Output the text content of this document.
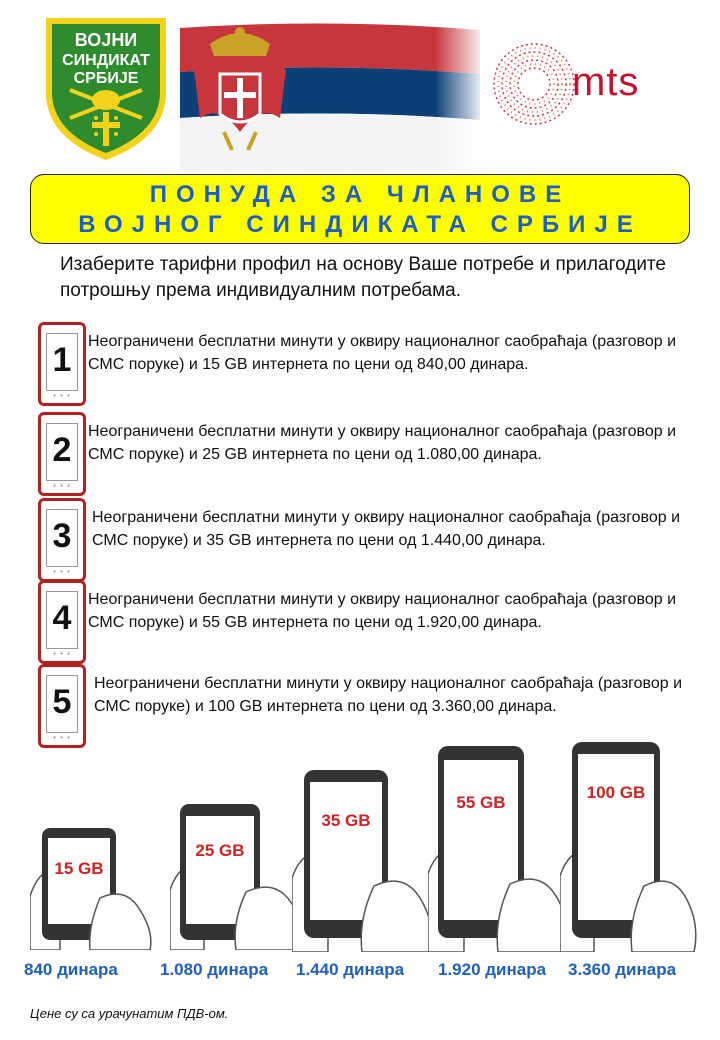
ВОЈНИ
СИНДИКАТ
СРБИЈЕ	mts
ПОНУДА ЗА ЧЛАНОВЕ
ВОЈНОГ СИНДИКАТА СРБИЈЕ
Изаберите тарифни профил на основу Ваше потребе и прилагодите потрошњу према индивидуалним потребама.
1
• • •
Неограничени бесплатни минути у оквиру националног саобраћаја (разговор и СМС поруке) и 15 GB интернета по цени од 840,00 динара.
2
• • •
Неограничени бесплатни минути у оквиру националног саобраћаја (разговор и СМС поруке) и 25 GB интернета по цени од 1.080,00 динара.
3
• • •
Неограничени бесплатни минути у оквиру националног саобраћаја (разговор и СМС поруке) и 35 GB интернета по цени од 1.440,00 динара.
4
• • •
Неограничени бесплатни минути у оквиру националног саобраћаја (разговор и СМС поруке) и 55 GB интернета по цени од 1.920,00 динара.
5
• • •
Неограничени бесплатни минути у оквиру националног саобраћаја (разговор и СМС поруке) и 100 GB интернета по цени од 3.360,00 динара.
15 GB
840 динара
25 GB
1.080 динара
35 GB
1.440 динара
55 GB
1.920 динара
100 GB
3.360 динара
Цене су са урачунатим ПДВ-ом.
